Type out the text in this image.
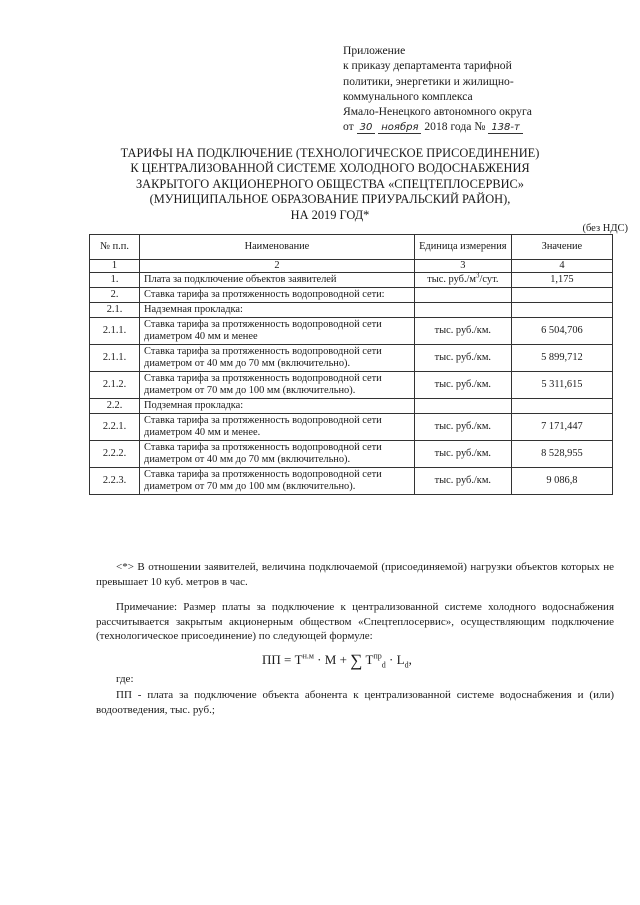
Приложение
к приказу департамента тарифной
политики, энергетики и жилищно-
коммунального комплекса
Ямало-Ненецкого автономного округа
от 30 ноября 2018 года № 138-т
ТАРИФЫ НА ПОДКЛЮЧЕНИЕ (ТЕХНОЛОГИЧЕСКОЕ ПРИСОЕДИНЕНИЕ)
К ЦЕНТРАЛИЗОВАННОЙ СИСТЕМЕ ХОЛОДНОГО ВОДОСНАБЖЕНИЯ
ЗАКРЫТОГО АКЦИОНЕРНОГО ОБЩЕСТВА «СПЕЦТЕПЛОСЕРВИС»
(МУНИЦИПАЛЬНОЕ ОБРАЗОВАНИЕ ПРИУРАЛЬСКИЙ РАЙОН),
НА 2019 ГОД*
(без НДС)
№ п.п.	Наименование	Единица измерения	Значение
1	2	3	4
1.	Плата за подключение объектов заявителей	тыс. $руб./м^3$/сут.	1,175
2.	Ставка тарифа за протяженность водопроводной сети:		
2.1.	Надземная прокладка:		
2.1.1.	Ставка тарифа за протяженность водопроводной сети диаметром 40 мм и менее	тыс. руб./км.	6 504,706
2.1.1.	Ставка тарифа за протяженность водопроводной сети диаметром от 40 мм до 70 мм (включительно).	тыс. руб./км.	5 899,712
2.1.2.	Ставка тарифа за протяженность водопроводной сети диаметром от 70 мм до 100 мм (включительно).	тыс. руб./км.	5 311,615
2.2.	Подземная прокладка:		
2.2.1.	Ставка тарифа за протяженность водопроводной сети диаметром 40 мм и менее.	тыс. руб./км.	7 171,447
2.2.2.	Ставка тарифа за протяженность водопроводной сети диаметром от 40 мм до 70 мм (включительно).	тыс. руб./км.	8 528,955
2.2.3.	Ставка тарифа за протяженность водопроводной сети диаметром от 70 мм до 100 мм (включительно).	тыс. руб./км.	9 086,8
<*> В отношении заявителей, величина подключаемой (присоединяемой) нагрузки объектов которых не превышает 10 куб. метров в час.
Примечание: Размер платы за подключение к централизованной системе холодного водоснабжения рассчитывается закрытым акционерным обществом «Спецтеплосервис», осуществляющим подключение (технологическое присоединение) по следующей формуле:
ПП = $Т^{н.м} \cdot М$ + ∑ $Т^{пр}_d \cdot L_d$,
где:
ПП - плата за подключение объекта абонента к централизованной системе водоснабжения и (или) водоотведения, тыс. руб.;
